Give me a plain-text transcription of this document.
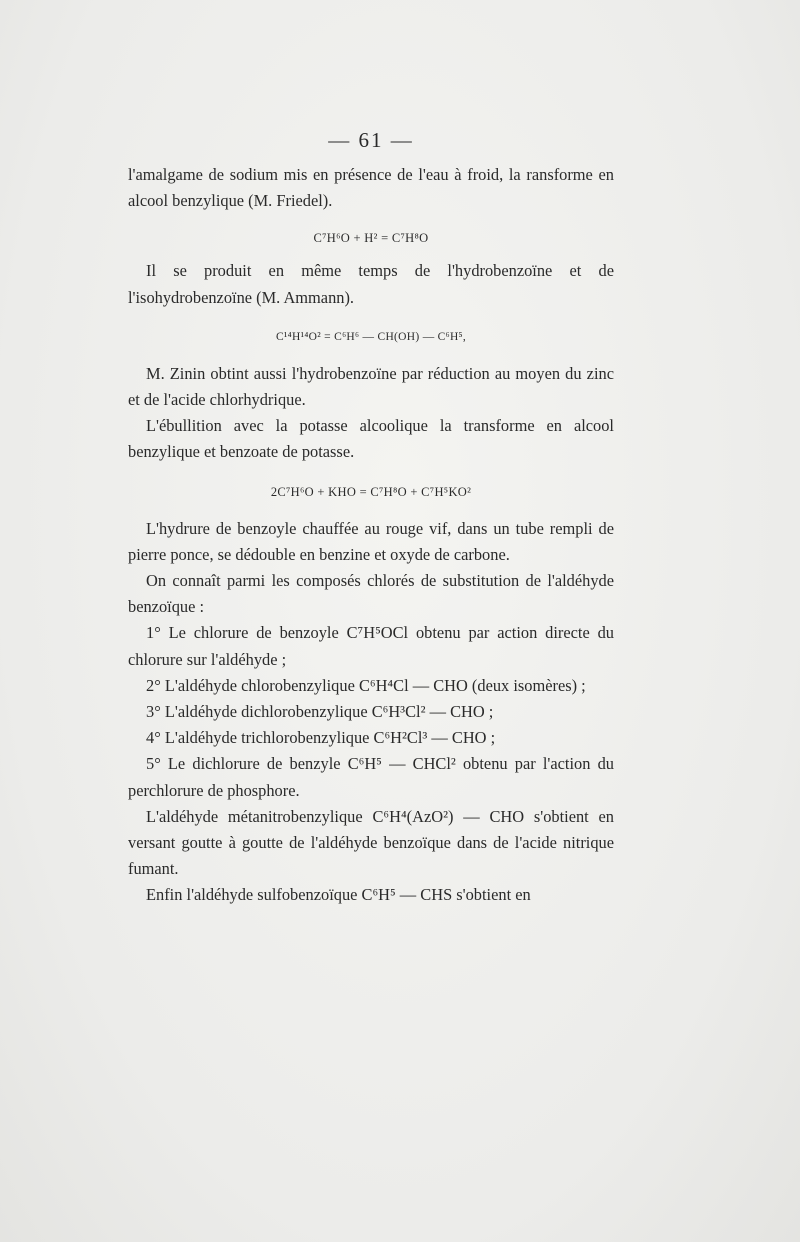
— 61 —

l'amalgame de sodium mis en présence de l'eau à froid, la ransforme en alcool benzylique (M. Friedel).

C⁷H⁶O + H² = C⁷H⁸O

Il se produit en même temps de l'hydrobenzoïne et de l'isohydrobenzoïne (M. Ammann).

C¹⁴H¹⁴O² = C⁶H⁶ — CH(OH) — C⁶H⁵,

M. Zinin obtint aussi l'hydrobenzoïne par réduction au moyen du zinc et de l'acide chlorhydrique.

L'ébullition avec la potasse alcoolique la transforme en alcool benzylique et benzoate de potasse.

2C⁷H⁶O + KHO = C⁷H⁸O + C⁷H⁵KO²

L'hydrure de benzoyle chauffée au rouge vif, dans un tube rempli de pierre ponce, se dédouble en benzine et oxyde de carbone.

On connaît parmi les composés chlorés de substitution de l'aldéhyde benzoïque :

1° Le chlorure de benzoyle C⁷H⁵OCl obtenu par action directe du chlorure sur l'aldéhyde ;

2° L'aldéhyde chlorobenzylique C⁶H⁴Cl — CHO (deux isomères) ;

3° L'aldéhyde dichlorobenzylique C⁶H³Cl² — CHO ;

4° L'aldéhyde trichlorobenzylique C⁶H²Cl³ — CHO ;

5° Le dichlorure de benzyle C⁶H⁵ — CHCl² obtenu par l'action du perchlorure de phosphore.

L'aldéhyde métanitrobenzylique C⁶H⁴(AzO²) — CHO s'obtient en versant goutte à goutte de l'aldéhyde benzoïque dans de l'acide nitrique fumant.

Enfin l'aldéhyde sulfobenzoïque C⁶H⁵ — CHS s'obtient en
